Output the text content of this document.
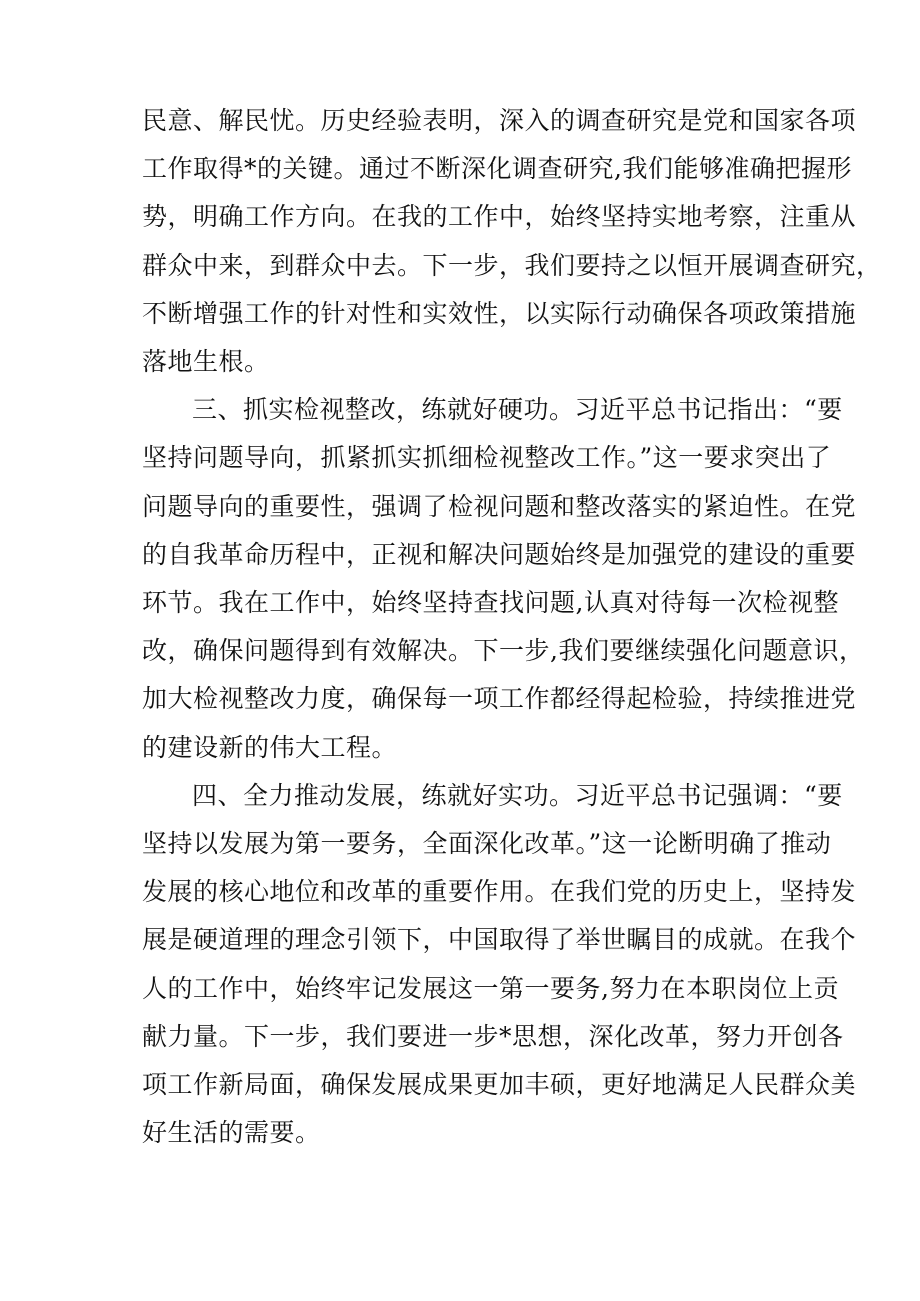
民意、解民忧。历史经验表明，深入的调查研究是党和国家各项
工作取得*的关键。通过不断深化调查研究,我们能够准确把握形
势，明确工作方向。在我的工作中，始终坚持实地考察，注重从
群众中来，到群众中去。下一步，我们要持之以恒开展调查研究，
不断增强工作的针对性和实效性，以实际行动确保各项政策措施
落地生根。
三、抓实检视整改，练就好硬功。习近平总书记指出：“要
坚持问题导向，抓紧抓实抓细检视整改工作。”这一要求突出了
问题导向的重要性，强调了检视问题和整改落实的紧迫性。在党
的自我革命历程中，正视和解决问题始终是加强党的建设的重要
环节。我在工作中，始终坚持查找问题,认真对待每一次检视整
改，确保问题得到有效解决。下一步,我们要继续强化问题意识，
加大检视整改力度，确保每一项工作都经得起检验，持续推进党
的建设新的伟大工程。
四、全力推动发展，练就好实功。习近平总书记强调：“要
坚持以发展为第一要务，全面深化改革。”这一论断明确了推动
发展的核心地位和改革的重要作用。在我们党的历史上，坚持发
展是硬道理的理念引领下，中国取得了举世瞩目的成就。在我个
人的工作中，始终牢记发展这一第一要务,努力在本职岗位上贡
献力量。下一步，我们要进一步*思想，深化改革，努力开创各
项工作新局面，确保发展成果更加丰硕，更好地满足人民群众美
好生活的需要。
